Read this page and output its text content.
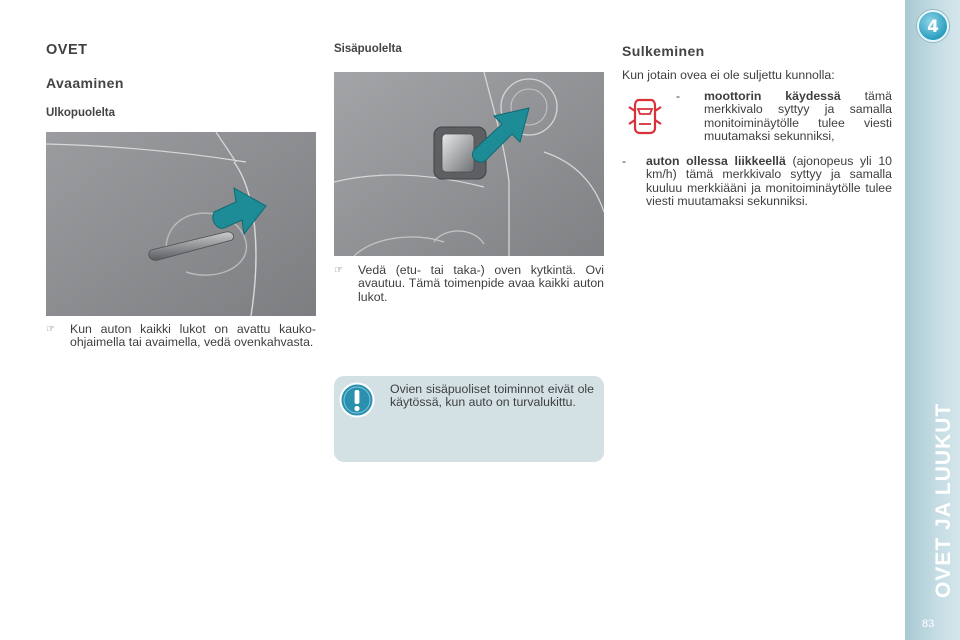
OVET
Avaaminen
Ulkopuolelta
☞	Kun auton kaikki lukot on avattu kauko-ohjaimella tai avaimella, vedä ovenkahvasta.
Sisäpuolelta
☞	Vedä (etu- tai taka-) oven kytkintä. Ovi avautuu. Tämä toimenpide avaa kaikki auton lukot.
Ovien sisäpuoliset toiminnot eivät ole käytössä, kun auto on turvalukittu.
Sulkeminen
Kun jotain ovea ei ole suljettu kunnolla:
-	moottorin käydessä tämä merkkivalo syttyy ja samalla monitoiminäytölle tulee viesti muutamaksi sekunniksi,
-	auton ollessa liikkeellä (ajonopeus yli 10 km/h) tämä merkkivalo syttyy ja samalla kuuluu merkkiääni ja monitoiminäytölle tulee viesti muutamaksi sekunniksi.
4
OVET JA LUUKUT
83
